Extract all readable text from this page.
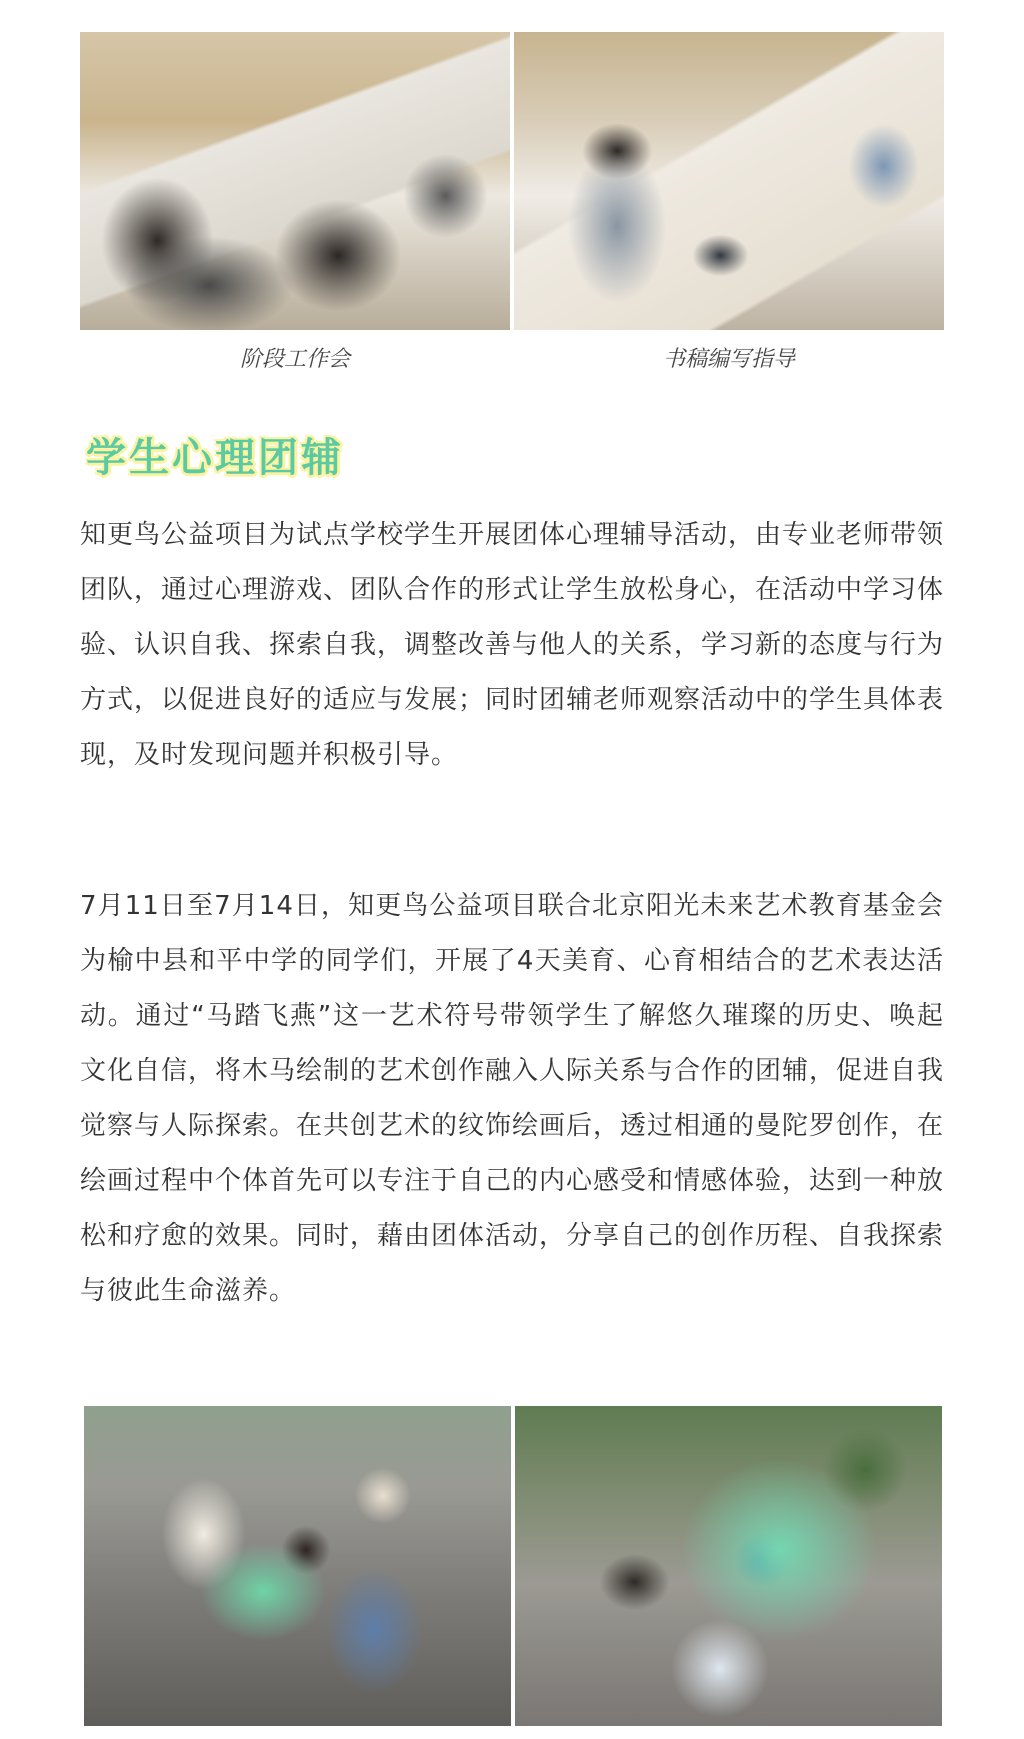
阶段工作会	书稿编写指导
学生心理团辅

知更鸟公益项目为试点学校学生开展团体心理辅导活动，由专业老师带领团队，通过心理游戏、团队合作的形式让学生放松身心，在活动中学习体验、认识自我、探索自我，调整改善与他人的关系，学习新的态度与行为方式，以促进良好的适应与发展；同时团辅老师观察活动中的学生具体表现，及时发现问题并积极引导。

7月11日至7月14日，知更鸟公益项目联合北京阳光未来艺术教育基金会为榆中县和平中学的同学们，开展了4天美育、心育相结合的艺术表达活动。通过“马踏飞燕”这一艺术符号带领学生了解悠久璀璨的历史、唤起文化自信，将木马绘制的艺术创作融入人际关系与合作的团辅，促进自我觉察与人际探索。在共创艺术的纹饰绘画后，透过相通的曼陀罗创作，在绘画过程中个体首先可以专注于自己的内心感受和情感体验，达到一种放松和疗愈的效果。同时，藉由团体活动，分享自己的创作历程、自我探索与彼此生命滋养。
